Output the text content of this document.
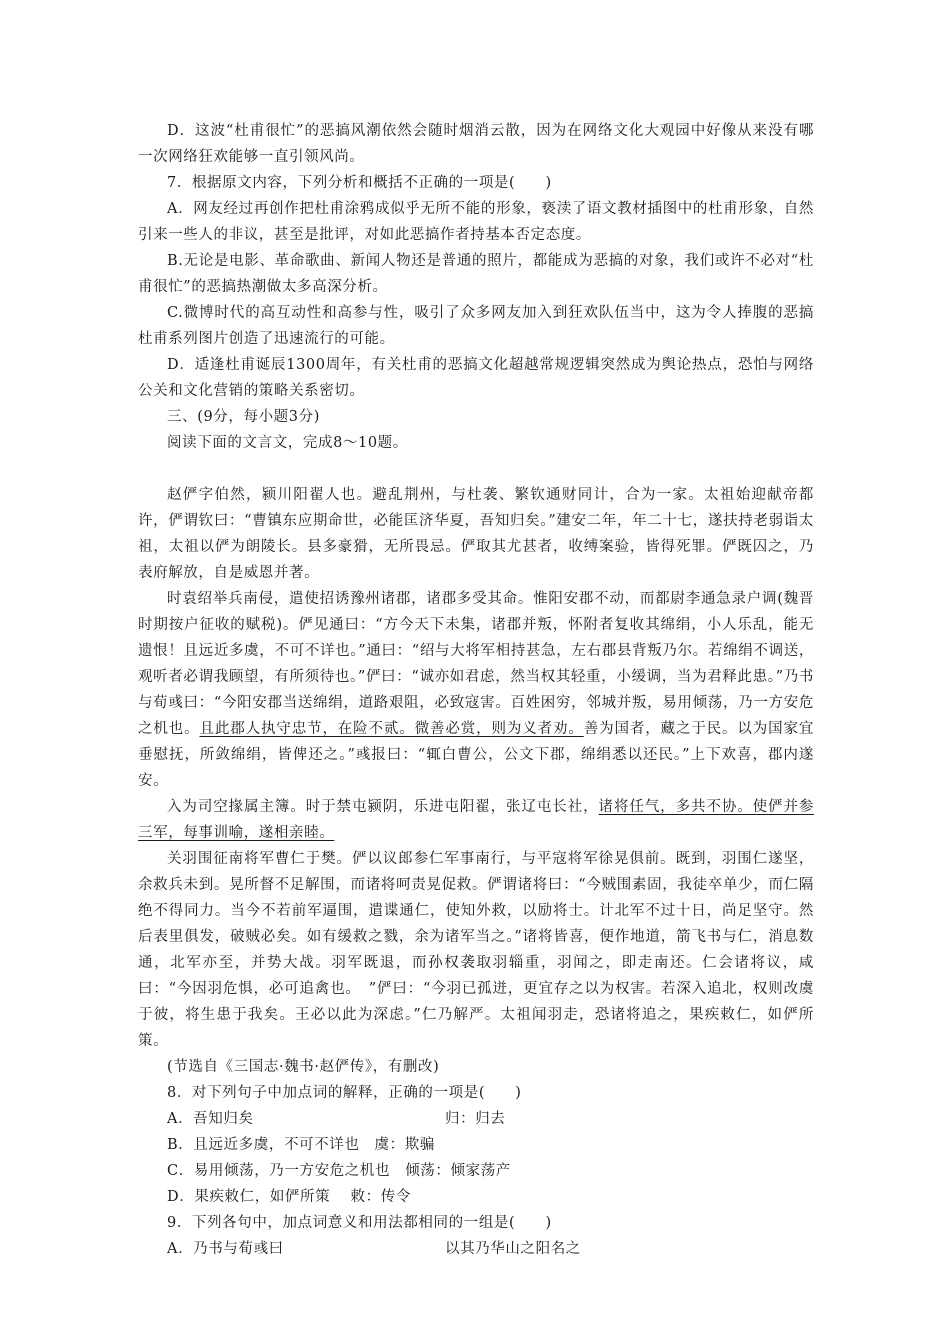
D．这波“杜甫很忙”的恶搞风潮依然会随时烟消云散，因为在网络文化大观园中好像从来没有哪一次网络狂欢能够一直引领风尚。

7．根据原文内容，下列分析和概括不正确的一项是(　　)

A．网友经过再创作把杜甫涂鸦成似乎无所不能的形象，亵渎了语文教材插图中的杜甫形象，自然引来一些人的非议，甚至是批评，对如此恶搞作者持基本否定态度。

B.无论是电影、革命歌曲、新闻人物还是普通的照片，都能成为恶搞的对象，我们或许不必对“杜甫很忙”的恶搞热潮做太多高深分析。

C.微博时代的高互动性和高参与性，吸引了众多网友加入到狂欢队伍当中，这为令人捧腹的恶搞杜甫系列图片创造了迅速流行的可能。

D．适逢杜甫诞辰1300周年，有关杜甫的恶搞文化超越常规逻辑突然成为舆论热点，恐怕与网络公关和文化营销的策略关系密切。

三、(9分，每小题3分)

阅读下面的文言文，完成8～10题。

赵俨字伯然，颍川阳翟人也。避乱荆州，与杜袭、繁钦通财同计，合为一家。太祖始迎献帝都许，俨谓钦曰：“曹镇东应期命世，必能匡济华夏，吾知归矣。”建安二年，年二十七，遂扶持老弱诣太祖，太祖以俨为朗陵长。县多豪猾，无所畏忌。俨取其尤甚者，收缚案验，皆得死罪。俨既囚之，乃表府解放，自是威恩并著。

时袁绍举兵南侵，遣使招诱豫州诸郡，诸郡多受其命。惟阳安郡不动，而都尉李通急录户调(魏晋时期按户征收的赋税)。俨见通曰：“方今天下未集，诸郡并叛，怀附者复收其绵绢，小人乐乱，能无遗恨！且远近多虞，不可不详也。”通曰：“绍与大将军相持甚急，左右郡县背叛乃尔。若绵绢不调送，观听者必谓我顾望，有所须待也。”俨曰：“诚亦如君虑，然当权其轻重，小缓调，当为君释此患。”乃书与荀彧曰：“今阳安郡当送绵绢，道路艰阻，必致寇害。百姓困穷，邻城并叛，易用倾荡，乃一方安危之机也。且此郡人执守忠节，在险不贰。微善必赏，则为义者劝。善为国者，藏之于民。以为国家宜垂慰抚，所敛绵绢，皆俾还之。”彧报曰：“辄白曹公，公文下郡，绵绢悉以还民。”上下欢喜，郡内遂安。

入为司空掾属主簿。时于禁屯颍阴，乐进屯阳翟，张辽屯长社，诸将任气，多共不协。使俨并参三军，每事训喻，遂相亲睦。

关羽围征南将军曹仁于樊。俨以议郎参仁军事南行，与平寇将军徐晃俱前。既到，羽围仁遂坚，余救兵未到。晃所督不足解围，而诸将呵责晃促救。俨谓诸将曰：“今贼围素固，我徒卒单少，而仁隔绝不得同力。当今不若前军逼围，遣谍通仁，使知外救，以励将士。计北军不过十日，尚足坚守。然后表里俱发，破贼必矣。如有缓救之戮，余为诸军当之。”诸将皆喜，便作地道，箭飞书与仁，消息数通，北军亦至，并势大战。羽军既退，而孙权袭取羽辎重，羽闻之，即走南还。仁会诸将议，咸曰：“今因羽危惧，必可追禽也。　”俨曰：“今羽已孤迸，更宜存之以为权害。若深入追北，权则改虞于彼，将生患于我矣。王必以此为深虑。”仁乃解严。太祖闻羽走，恐诸将追之，果疾敕仁，如俨所策。

(节选自《三国志·魏书·赵俨传》，有删改)

8．对下列句子中加点词的解释，正确的一项是(　　)

A．吾知归矣	归：归去

B．且远近多虞，不可不详也　虞：欺骗

C．易用倾荡，乃一方安危之机也　倾荡：倾家荡产

D．果疾敕仁，如俨所策　 敕：传令

9．下列各句中，加点词意义和用法都相同的一组是(　　)

A．乃书与荀彧曰	以其乃华山之阳名之
